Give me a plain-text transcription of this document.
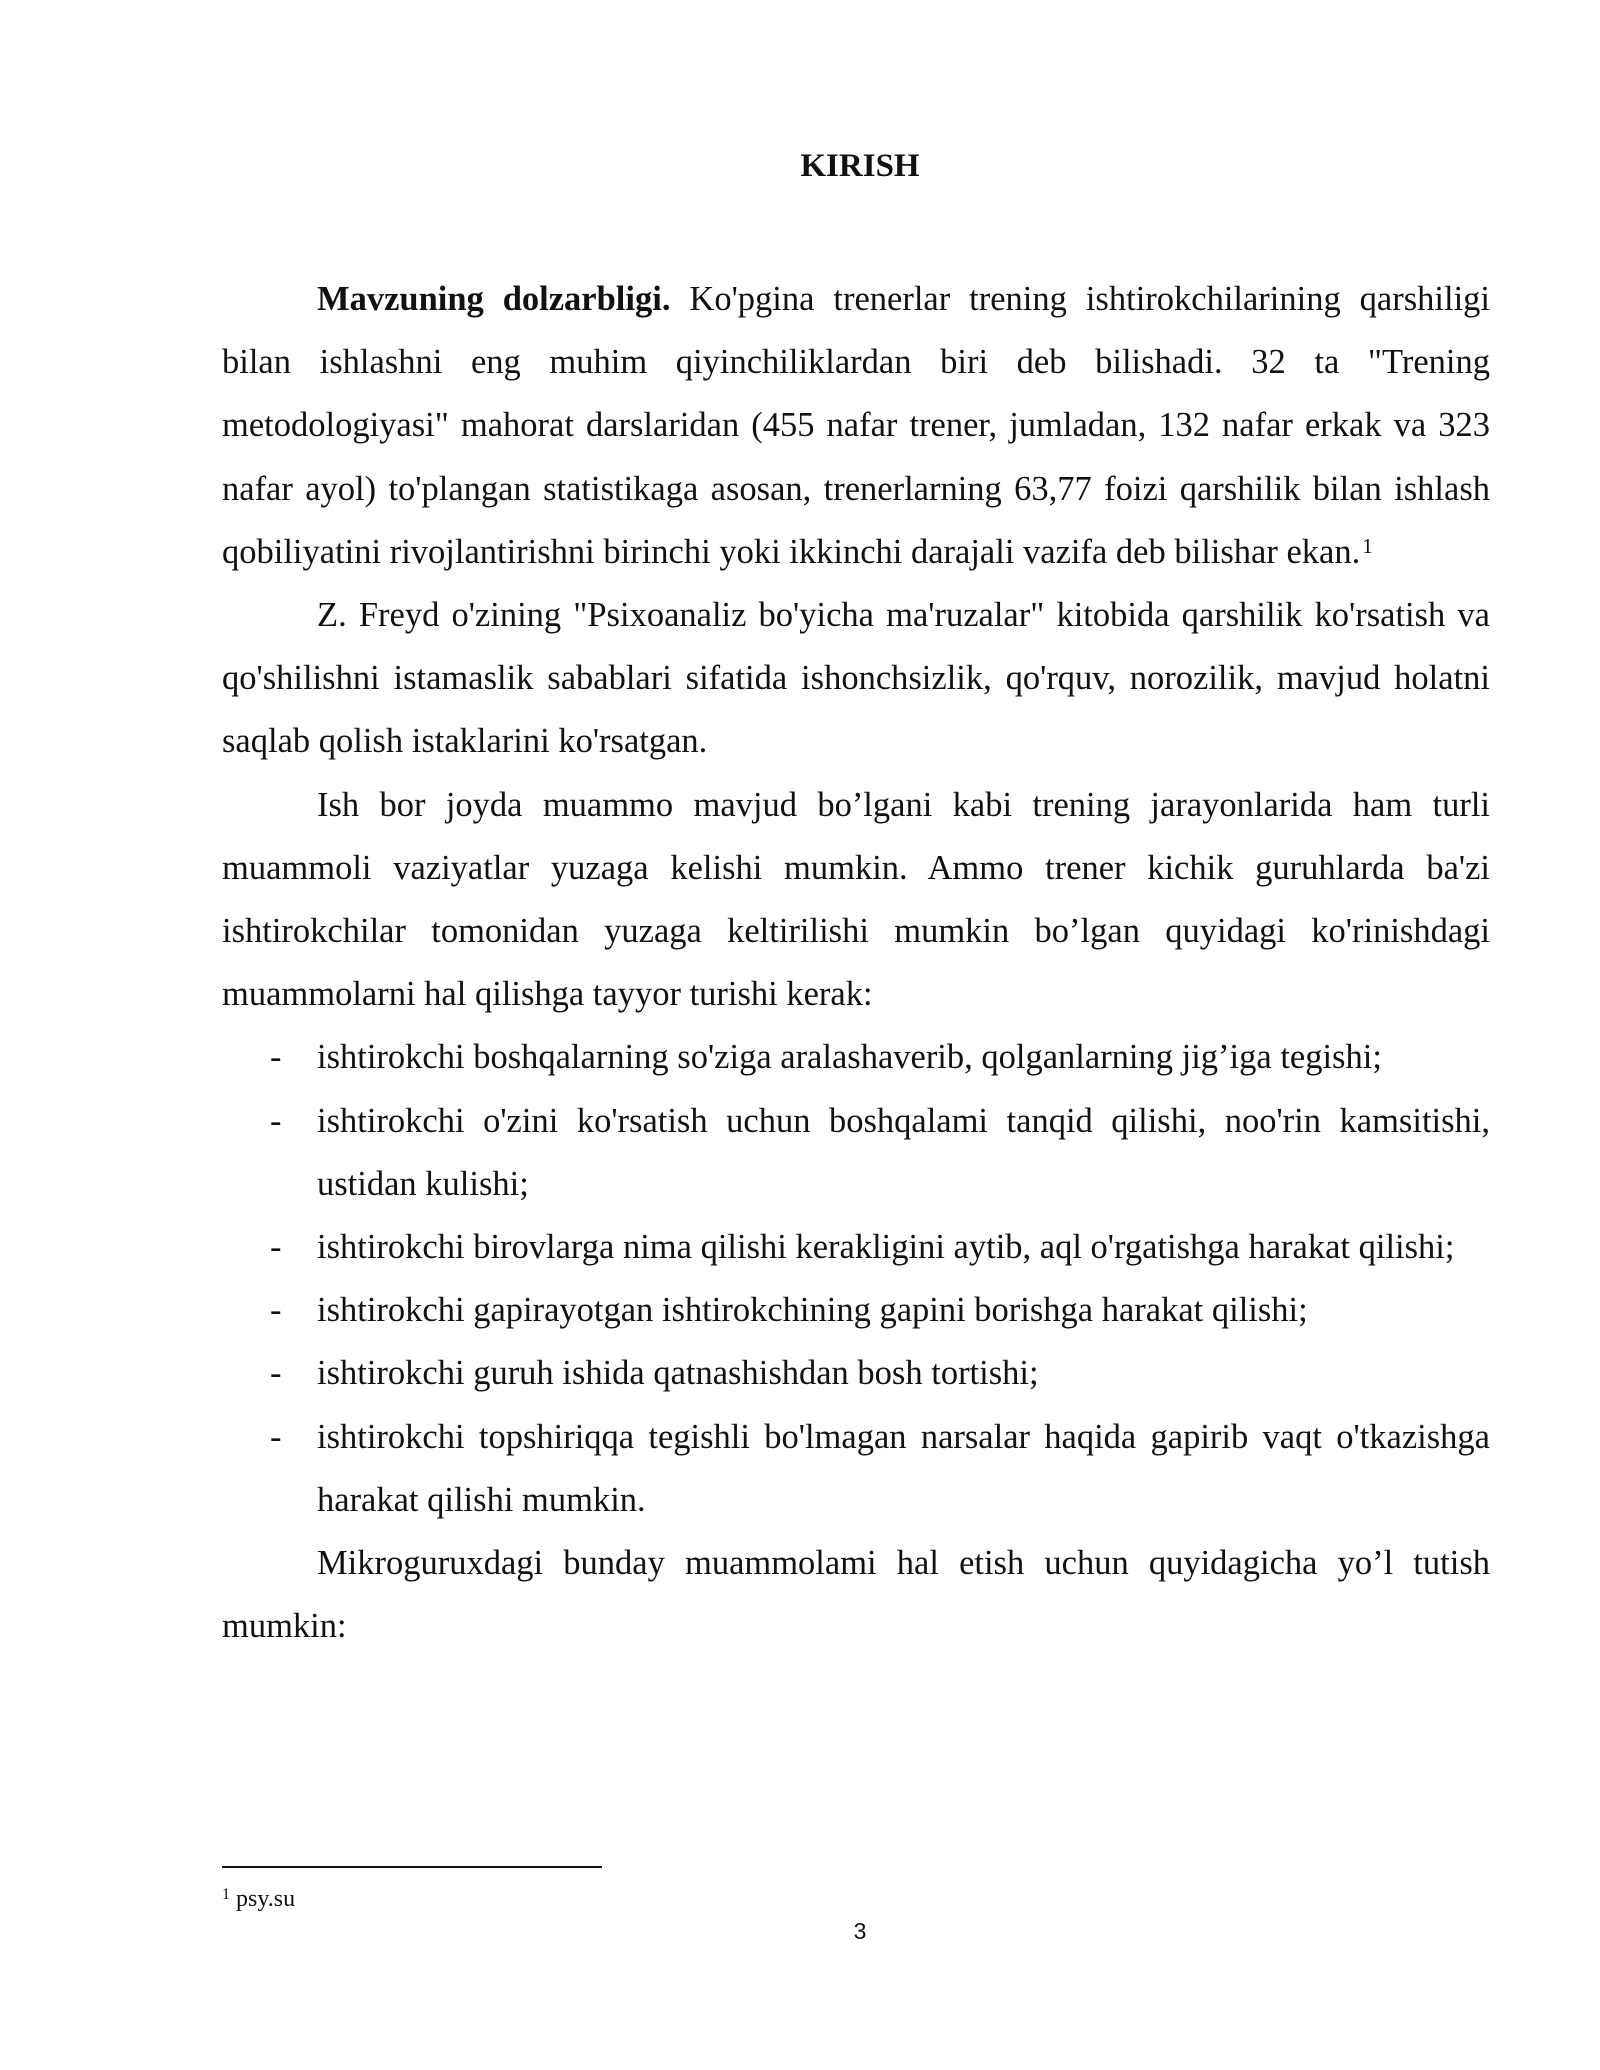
KIRISH

Mavzuning dolzarbligi. Ko'pgina trenerlar trening ishtirokchilarining qarshiligi bilan ishlashni eng muhim qiyinchiliklardan biri deb bilishadi. 32 ta "Trening metodologiyasi" mahorat darslaridan (455 nafar trener, jumladan, 132 nafar erkak va 323 nafar ayol) to'plangan statistikaga asosan, trenerlarning 63,77 foizi qarshilik bilan ishlash qobiliyatini rivojlantirishni birinchi yoki ikkinchi darajali vazifa deb bilishar ekan.$^1$

Z. Freyd o'zining "Psixoanaliz bo'yicha ma'ruzalar" kitobida qarshilik ko'rsatish va qo'shilishni istamaslik sabablari sifatida ishonchsizlik, qo'rquv, norozilik, mavjud holatni saqlab qolish istaklarini ko'rsatgan.

Ish bor joyda muammo mavjud bo’lgani kabi trening jarayonlarida ham turli muammoli vaziyatlar yuzaga kelishi mumkin. Ammo trener kichik guruhlarda ba'zi ishtirokchilar tomonidan yuzaga keltirilishi mumkin bo’lgan quyidagi ko'rinishdagi muammolarni hal qilishga tayyor turishi kerak:

- ishtirokchi boshqalarning so'ziga aralashaverib, qolganlarning jig’iga tegishi;
- ishtirokchi o'zini ko'rsatish uchun boshqalami tanqid qilishi, noo'rin kamsitishi, ustidan kulishi;
- ishtirokchi birovlarga nima qilishi kerakligini aytib, aql o'rgatishga harakat qilishi;
- ishtirokchi gapirayotgan ishtirokchining gapini borishga harakat qilishi;
- ishtirokchi guruh ishida qatnashishdan bosh tortishi;
- ishtirokchi topshiriqqa tegishli bo'lmagan narsalar haqida gapirib vaqt o'tkazishga harakat qilishi mumkin.

Mikroguruxdagi bunday muammolami hal etish uchun quyidagicha yo’l tutish mumkin:

$^1$ psy.su
3
